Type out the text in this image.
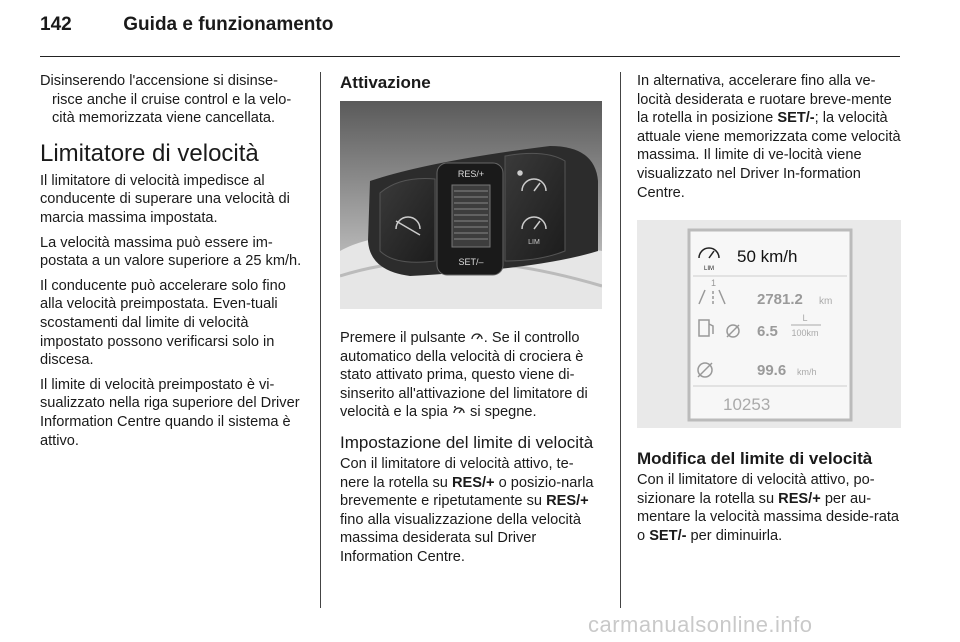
142	Guida e funzionamento

Disinserendo l'accensione si disinse-risce anche il cruise control e la velo-cità memorizzata viene cancellata.

Limitatore di velocità

Il limitatore di velocità impedisce al conducente di superare una velocità di marcia massima impostata.

La velocità massima può essere im-postata a un valore superiore a 25 km/h.

Il conducente può accelerare solo fino alla velocità preimpostata. Even-tuali scostamenti dal limite di velocità impostato possono verificarsi solo in discesa.

Il limite di velocità preimpostato è vi-sualizzato nella riga superiore del Driver Information Centre quando il sistema è attivo.

Attivazione
RES/+
SET/–
LIM

Premere il pulsante . Se il controllo automatico della velocità di crociera è stato attivato prima, questo viene di-sinserito all'attivazione del limitatore di velocità e la spia si spegne.

Impostazione del limite di velocità

Con il limitatore di velocità attivo, te-nere la rotella su RES/+ o posizio-narla brevemente e ripetutamente su RES/+ fino alla visualizzazione della velocità massima desiderata sul Driver Information Centre.

In alternativa, accelerare fino alla ve-locità desiderata e ruotare breve-mente la rotella in posizione SET/-; la velocità attuale viene memorizzata come velocità massima. Il limite di ve-locità viene visualizzato nel Driver In-formation Centre.

LIM
50 km/h
1
2781.2 km
6.5
L
100km
99.6 km/h
10253
Modifica del limite di velocità

Con il limitatore di velocità attivo, po-sizionare la rotella su RES/+ per au-mentare la velocità massima deside-rata o SET/- per diminuirla.

carmanualsonline.info
